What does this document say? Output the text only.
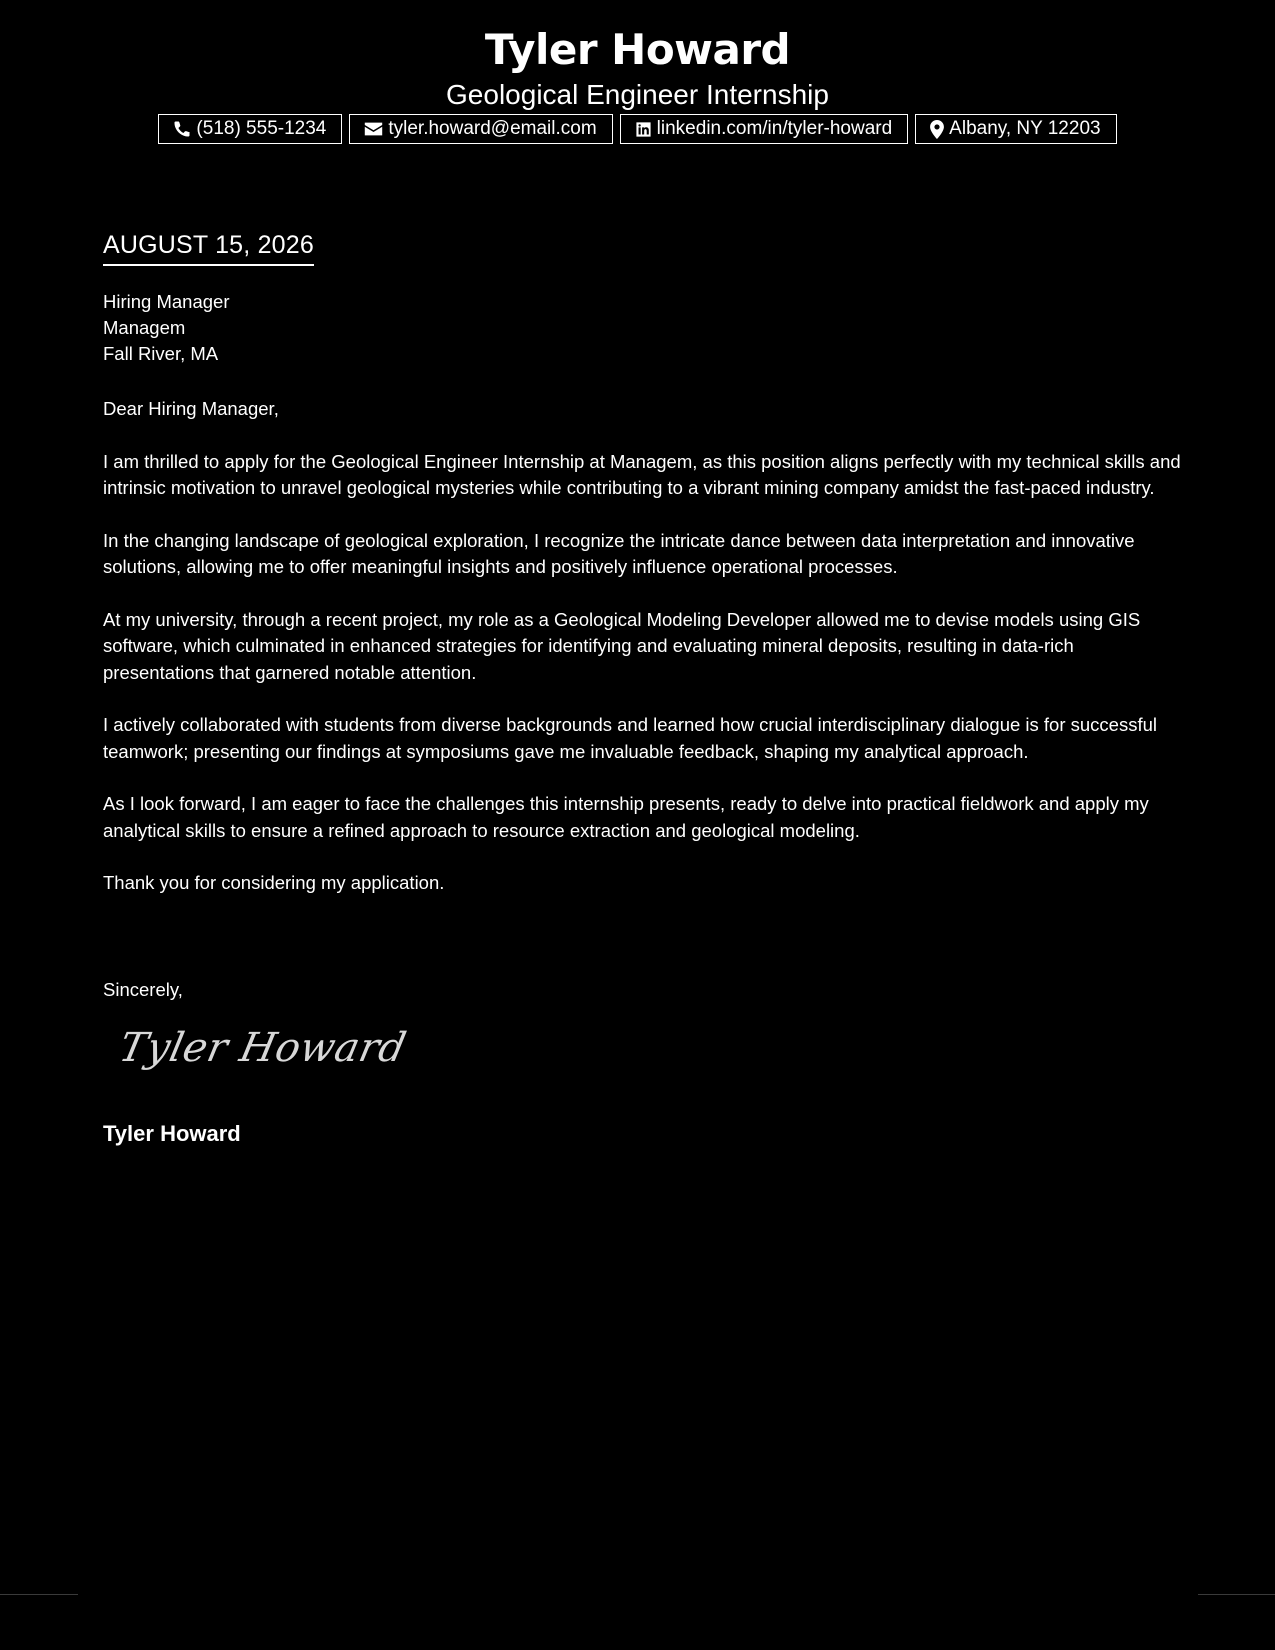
Tyler Howard
Geological Engineer Internship
(518) 555-1234	tyler.howard@email.com	linkedin.com/in/tyler-howard	Albany, NY 12203
AUGUST 15, 2026
Hiring Manager
Managem
Fall River, MA

Dear Hiring Manager,

I am thrilled to apply for the Geological Engineer Internship at Managem, as this position aligns perfectly with my technical skills and intrinsic motivation to unravel geological mysteries while contributing to a vibrant mining company amidst the fast-paced industry.

In the changing landscape of geological exploration, I recognize the intricate dance between data interpretation and innovative solutions, allowing me to offer meaningful insights and positively influence operational processes.

At my university, through a recent project, my role as a Geological Modeling Developer allowed me to devise models using GIS software, which culminated in enhanced strategies for identifying and evaluating mineral deposits, resulting in data-rich presentations that garnered notable attention.

I actively collaborated with students from diverse backgrounds and learned how crucial interdisciplinary dialogue is for successful teamwork; presenting our findings at symposiums gave me invaluable feedback, shaping my analytical approach.

As I look forward, I am eager to face the challenges this internship presents, ready to delve into practical fieldwork and apply my analytical skills to ensure a refined approach to resource extraction and geological modeling.

Thank you for considering my application.

Sincerely,
Tyler Howard
Tyler Howard
